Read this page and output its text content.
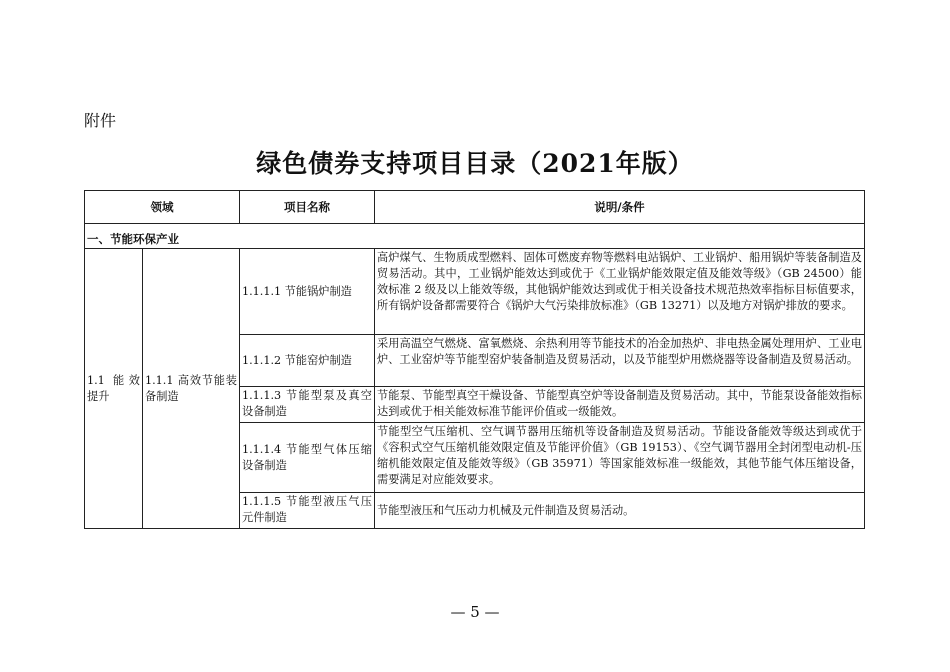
附件
绿色债券支持项目目录（2021年版）
领域		项目名称	说明/条件
一、节能环保产业			
1.1 能效提升	1.1.1 高效节能装备制造	1.1.1.1 节能锅炉制造	高炉煤气、生物质成型燃料、固体可燃废弃物等燃料电站锅炉、工业锅炉、船用锅炉等装备制造及贸易活动。其中，工业锅炉能效达到或优于《工业锅炉能效限定值及能效等级》（GB 24500）能效标准 2 级及以上能效等级，其他锅炉能效达到或优于相关设备技术规范热效率指标目标值要求，所有锅炉设备都需要符合《锅炉大气污染排放标准》（GB 13271）以及地方对锅炉排放的要求。
		1.1.1.2 节能窑炉制造	采用高温空气燃烧、富氧燃烧、余热利用等节能技术的冶金加热炉、非电热金属处理用炉、工业电炉、工业窑炉等节能型窑炉装备制造及贸易活动，以及节能型炉用燃烧器等设备制造及贸易活动。
		1.1.1.3 节能型泵及真空设备制造	节能泵、节能型真空干燥设备、节能型真空炉等设备制造及贸易活动。其中，节能泵设备能效指标达到或优于相关能效标准节能评价值或一级能效。
		1.1.1.4 节能型气体压缩设备制造	节能型空气压缩机、空气调节器用压缩机等设备制造及贸易活动。节能设备能效等级达到或优于《容积式空气压缩机能效限定值及节能评价值》（GB 19153）、《空气调节器用全封闭型电动机-压缩机能效限定值及能效等级》（GB 35971）等国家能效标准一级能效，其他节能气体压缩设备，需要满足对应能效要求。
		1.1.1.5 节能型液压气压元件制造	节能型液压和气压动力机械及元件制造及贸易活动。
— 5 —
